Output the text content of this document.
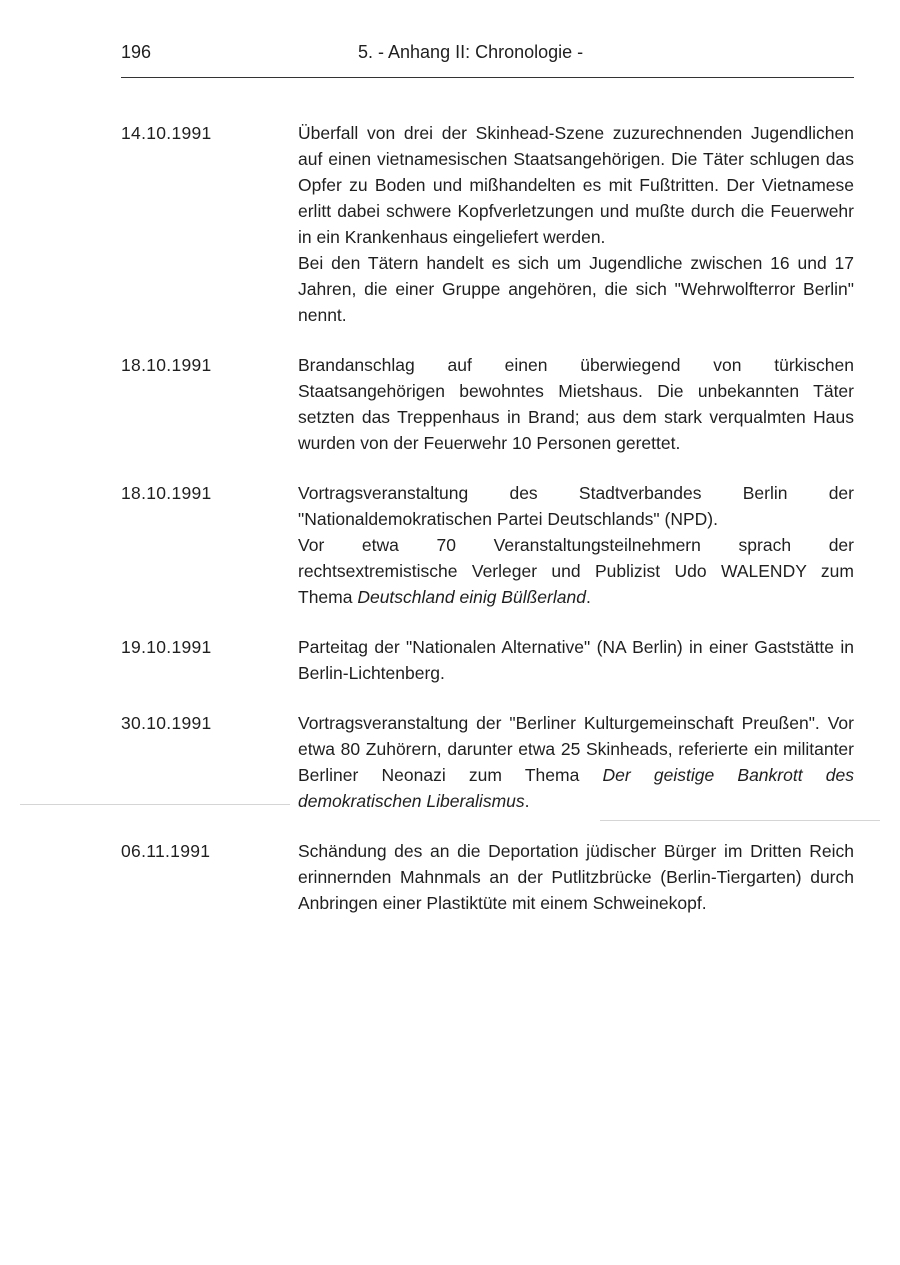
196	5. - Anhang II: Chronologie -
14.10.1991	Überfall von drei der Skinhead-Szene zuzurechnenden Jugendlichen auf einen vietnamesischen Staatsangehörigen. Die Täter schlugen das Opfer zu Boden und mißhandelten es mit Fußtritten. Der Vietnamese erlitt dabei schwere Kopfverletzungen und mußte durch die Feuerwehr in ein Krankenhaus eingeliefert werden.

Bei den Tätern handelt es sich um Jugendliche zwischen 16 und 17 Jahren, die einer Gruppe angehören, die sich "Wehrwolfterror Berlin" nennt.

18.10.1991	Brandanschlag auf einen überwiegend von türkischen Staatsangehörigen bewohntes Mietshaus. Die unbekannten Täter setzten das Treppenhaus in Brand; aus dem stark verqualmten Haus wurden von der Feuerwehr 10 Personen gerettet.

18.10.1991	Vortragsveranstaltung des Stadtverbandes Berlin der "Nationaldemokratischen Partei Deutschlands" (NPD).

Vor etwa 70 Veranstaltungsteilnehmern sprach der rechtsextremistische Verleger und Publizist Udo WALENDY zum Thema Deutschland einig Bülßerland.

19.10.1991	Parteitag der "Nationalen Alternative" (NA Berlin) in einer Gaststätte in Berlin-Lichtenberg.

30.10.1991	Vortragsveranstaltung der "Berliner Kulturgemeinschaft Preußen". Vor etwa 80 Zuhörern, darunter etwa 25 Skinheads, referierte ein militanter Berliner Neonazi zum Thema Der geistige Bankrott des demokratischen Liberalismus.

06.11.1991	Schändung des an die Deportation jüdischer Bürger im Dritten Reich erinnernden Mahnmals an der Putlitzbrücke (Berlin-Tiergarten) durch Anbringen einer Plastiktüte mit einem Schweinekopf.
